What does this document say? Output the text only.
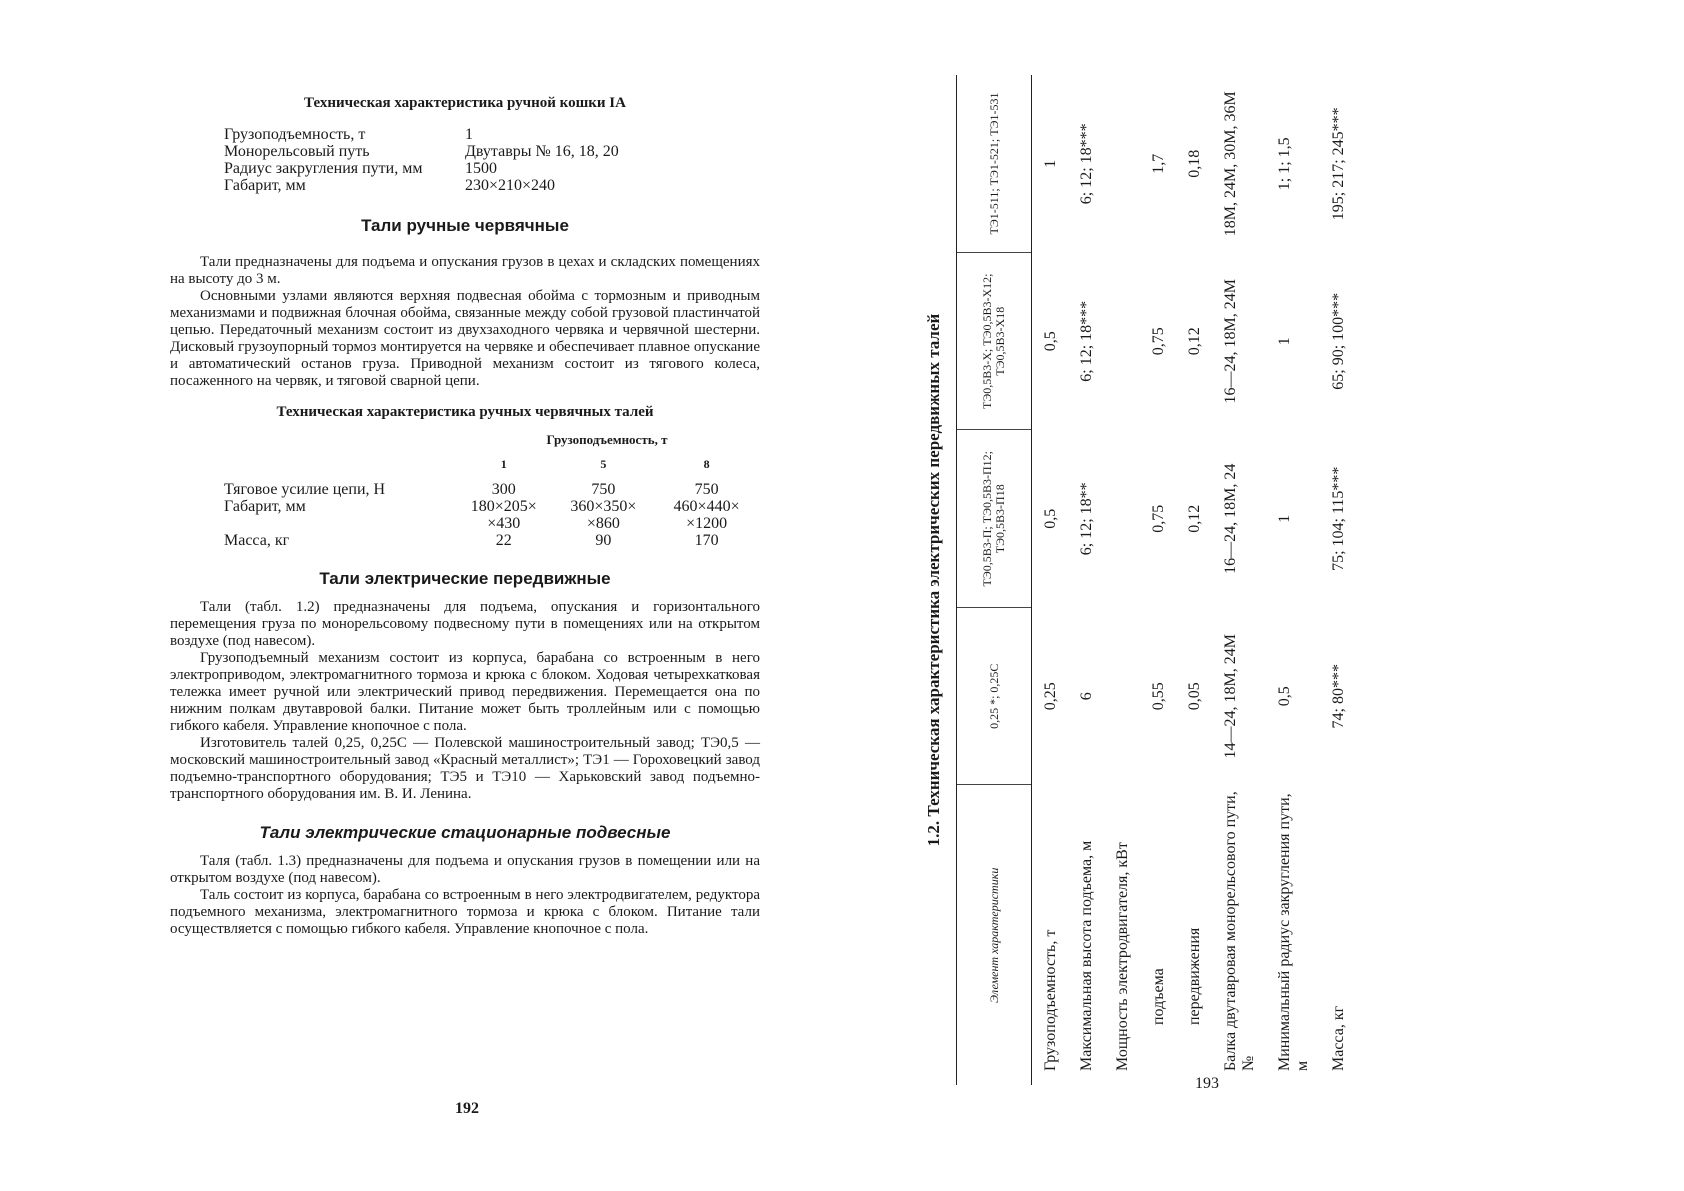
Техническая характеристика ручной кошки IA
Грузоподъемность, т	1
Монорельсовый путь	Двутавры № 16, 18, 20
Радиус закругления пути, мм	1500
Габарит, мм	230×210×240
Тали ручные червячные

Тали предназначены для подъема и опускания грузов в цехах и складских помещениях на высоту до 3 м.

Основными узлами являются верхняя подвесная обойма с тормозным и приводным механизмами и подвижная блочная обойма, связанные между собой грузовой пластинчатой цепью. Передаточный механизм состоит из двухзаходного червяка и червячной шестерни. Дисковый грузоупорный тормоз монтируется на червяке и обеспечивает плавное опускание и автоматический останов груза. Приводной механизм состоит из тягового колеса, посаженного на червяк, и тяговой сварной цепи.

Техническая характеристика ручных червячных талей
	Грузоподъемность, т		
	1	5	8
Тяговое усилие цепи, Н	300	750	750
Габарит, мм	180×205× ×430	360×350× ×860	460×440× ×1200
Масса, кг	22	90	170
Тали электрические передвижные

Тали (табл. 1.2) предназначены для подъема, опускания и горизонтального перемещения груза по монорельсовому подвесному пути в помещениях или на открытом воздухе (под навесом).

Грузоподъемный механизм состоит из корпуса, барабана со встроенным в него электроприводом, электромагнитного тормоза и крюка с блоком. Ходовая четырехкатковая тележка имеет ручной или электрический привод передвижения. Перемещается она по нижним полкам двутавровой балки. Питание может быть троллейным или с помощью гибкого кабеля. Управление кнопочное с пола.

Изготовитель талей 0,25, 0,25С — Полевской машиностроительный завод; ТЭ0,5 — московский машиностроительный завод «Красный металлист»; ТЭ1 — Гороховецкий завод подъемно-транспортного оборудования; ТЭ5 и ТЭ10 — Харьковский завод подъемно-транспортного оборудования им. В. И. Ленина.

Тали электрические стационарные подвесные

Таля (табл. 1.3) предназначены для подъема и опускания грузов в помещении или на открытом воздухе (под навесом).

Таль состоит из корпуса, барабана со встроенным в него электродвигателем, редуктора подъемного механизма, электромагнитного тормоза и крюка с блоком. Питание тали осуществляется с помощью гибкого кабеля. Управление кнопочное с пола.

192
1.2. Техническая характеристика электрических передвижных талей
Элемент характеристики	0,25 *; 0,25С	ТЭ0,5В3-П; ТЭ0,5В3-П12; ТЭ0,5В3-П18	ТЭ0,5В3-Х; ТЭ0,5В3-Х12; ТЭ0,5В3-Х18	ТЭ1-511; ТЭ1-521; ТЭ1-531
Грузоподъемность, т	0,25	0,5	0,5	1
Максимальная высота подъема, м	6	6; 12; 18**	6; 12; 18***	6; 12; 18***
Мощность электродвигателя, кВт				
подъема	0,55	0,75	0,75	1,7
передвижения	0,05	0,12	0,12	0,18
Балка двутавровая монорельсового пути, №	14—24, 18М, 24М	16—24, 18М, 24	16—24, 18М, 24М	18М, 24М, 30М, 36М
Минимальный радиус закругления пути, м	0,5	1	1	1; 1; 1,5
Масса, кг	74; 80***	75; 104; 115***	65; 90; 100***	195; 217; 245***
193
